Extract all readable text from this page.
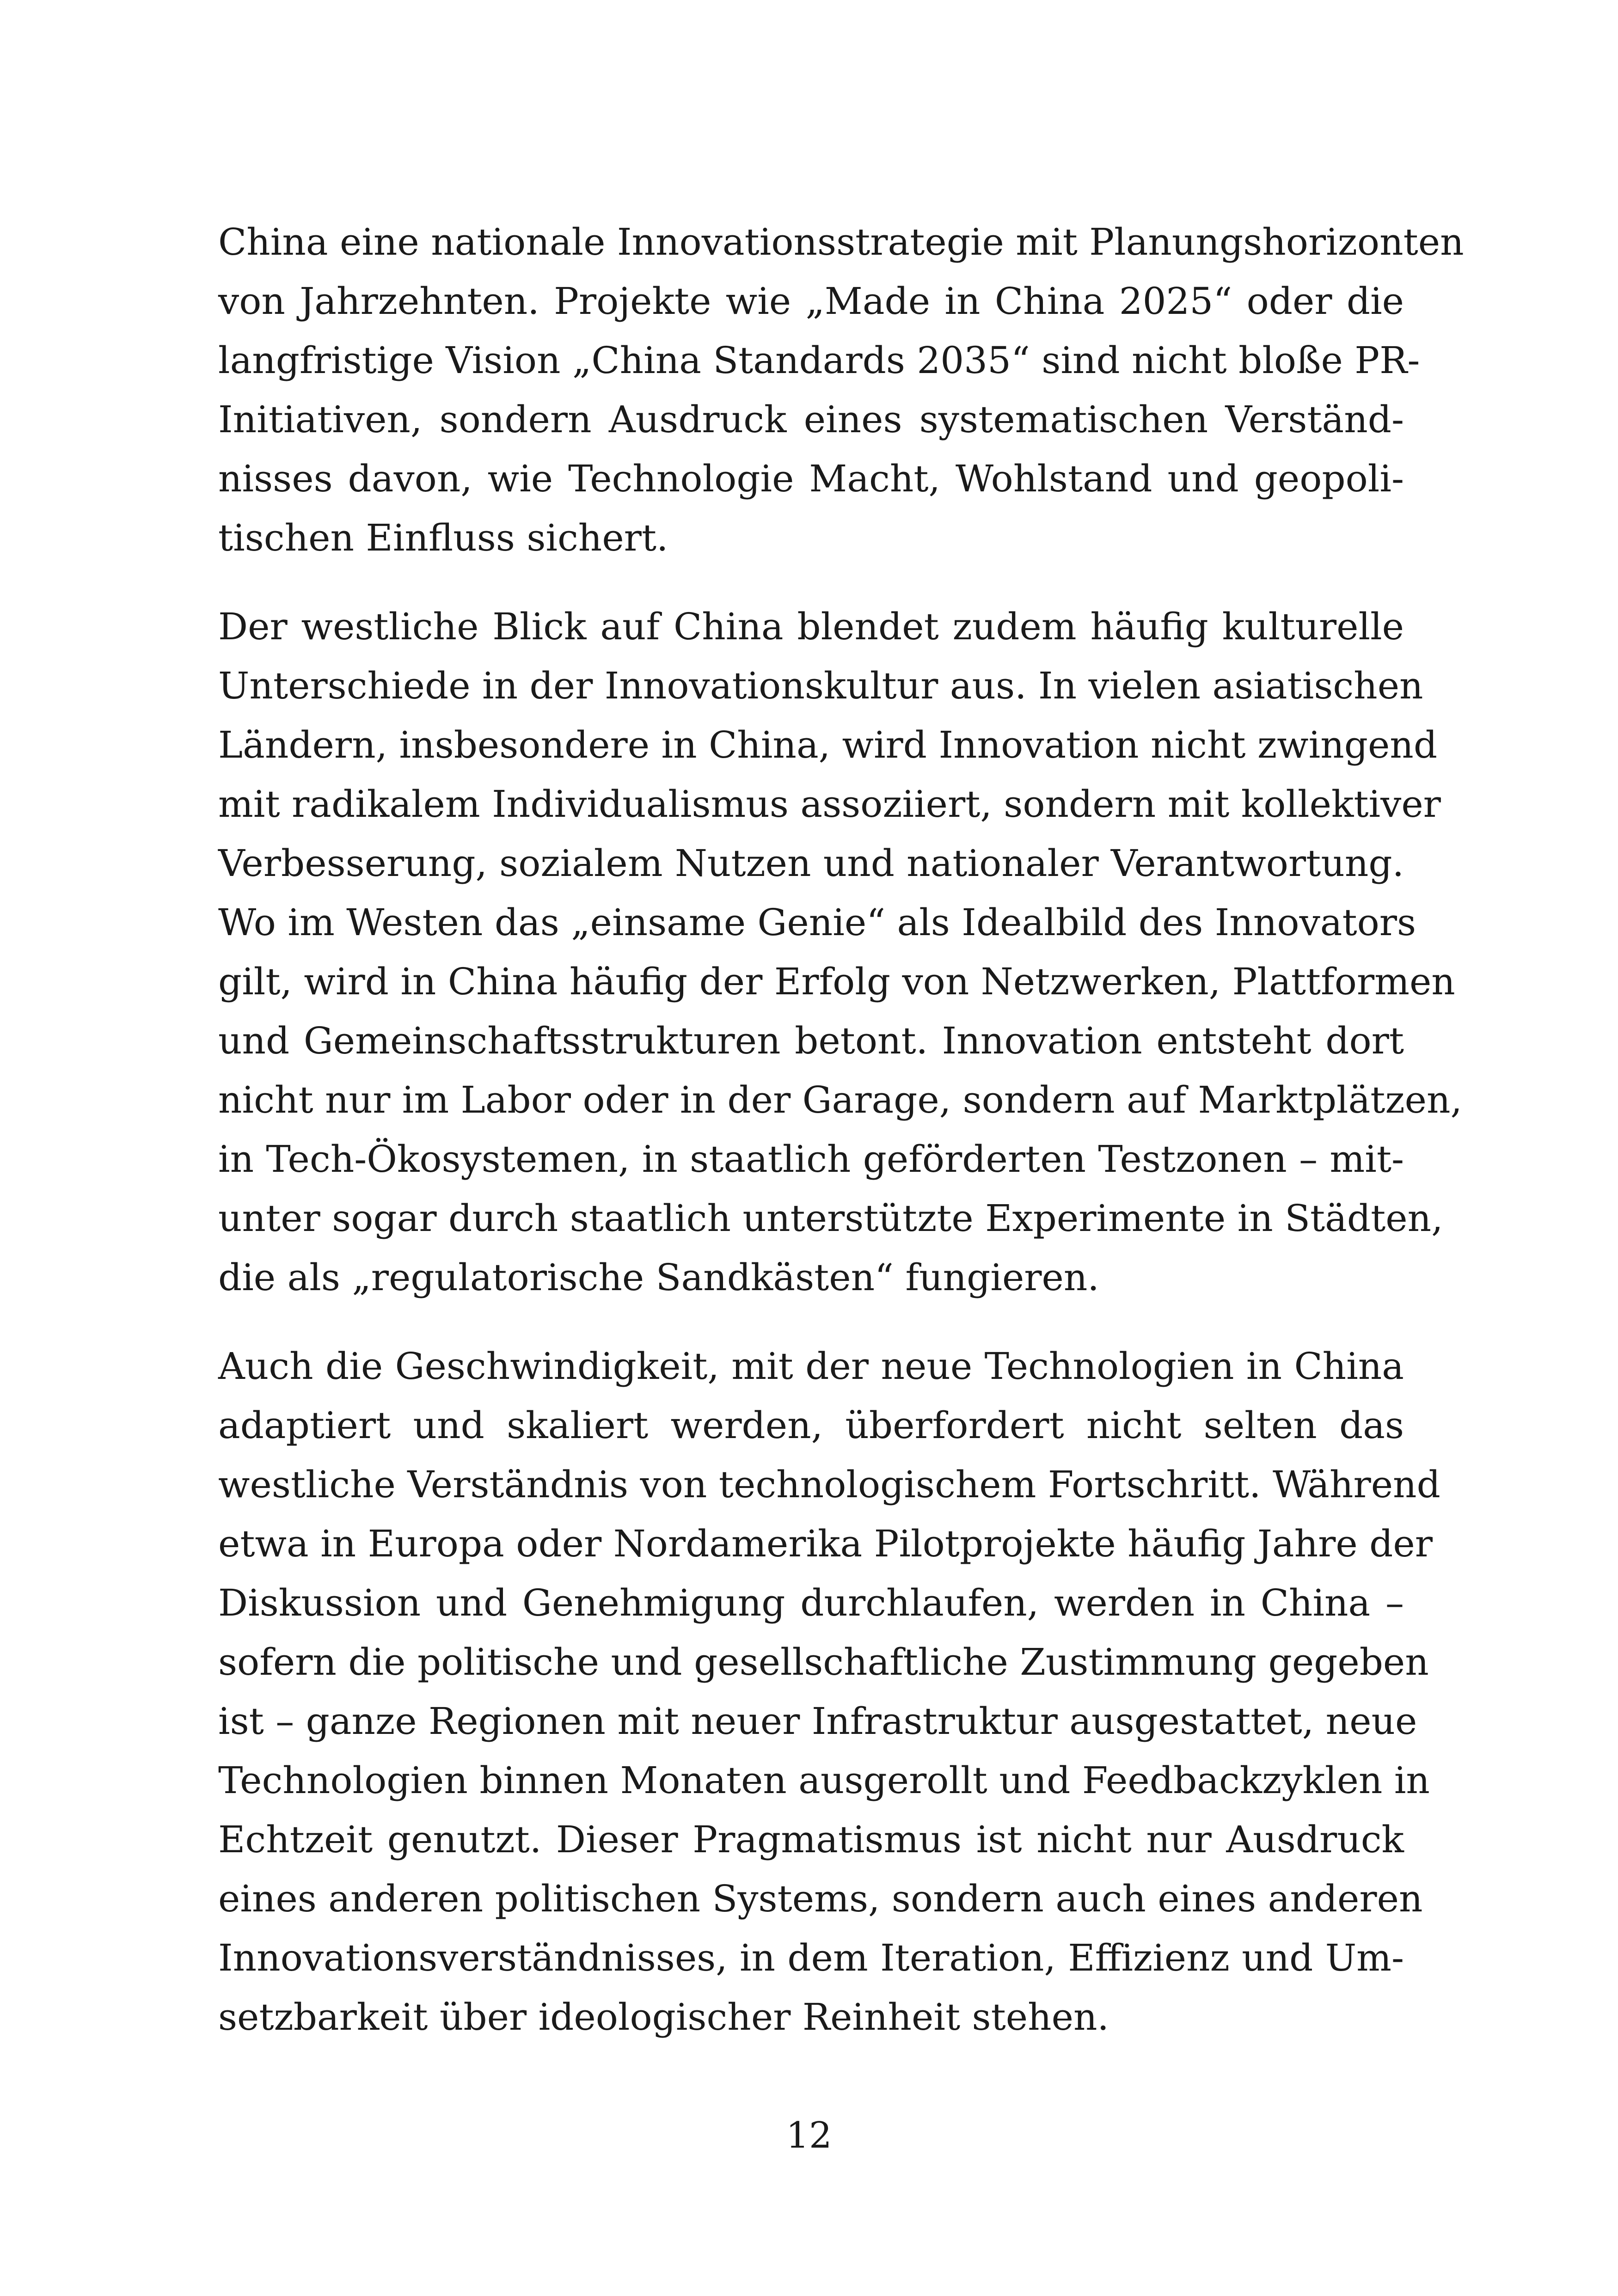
China eine nationale Innovationsstrategie mit Planungshorizonten
von Jahrzehnten. Projekte wie „Made in China 2025“ oder die
langfristige Vision „China Standards 2035“ sind nicht bloße PR-
Initiativen, sondern Ausdruck eines systematischen Verständ-
nisses davon, wie Technologie Macht, Wohlstand und geopoli-
tischen Einfluss sichert.

Der westliche Blick auf China blendet zudem häufig kulturelle
Unterschiede in der Innovationskultur aus. In vielen asiatischen
Ländern, insbesondere in China, wird Innovation nicht zwingend
mit radikalem Individualismus assoziiert, sondern mit kollektiver
Verbesserung, sozialem Nutzen und nationaler Verantwortung.
Wo im Westen das „einsame Genie“ als Idealbild des Innovators
gilt, wird in China häufig der Erfolg von Netzwerken, Plattformen
und Gemeinschaftsstrukturen betont. Innovation entsteht dort
nicht nur im Labor oder in der Garage, sondern auf Marktplätzen,
in Tech-Ökosystemen, in staatlich geförderten Testzonen – mit-
unter sogar durch staatlich unterstützte Experimente in Städten,
die als „regulatorische Sandkästen“ fungieren.

Auch die Geschwindigkeit, mit der neue Technologien in China
adaptiert und skaliert werden, überfordert nicht selten das
westliche Verständnis von technologischem Fortschritt. Während
etwa in Europa oder Nordamerika Pilotprojekte häufig Jahre der
Diskussion und Genehmigung durchlaufen, werden in China –
sofern die politische und gesellschaftliche Zustimmung gegeben
ist – ganze Regionen mit neuer Infrastruktur ausgestattet, neue
Technologien binnen Monaten ausgerollt und Feedbackzyklen in
Echtzeit genutzt. Dieser Pragmatismus ist nicht nur Ausdruck
eines anderen politischen Systems, sondern auch eines anderen
Innovationsverständnisses, in dem Iteration, Effizienz und Um-
setzbarkeit über ideologischer Reinheit stehen.

12
